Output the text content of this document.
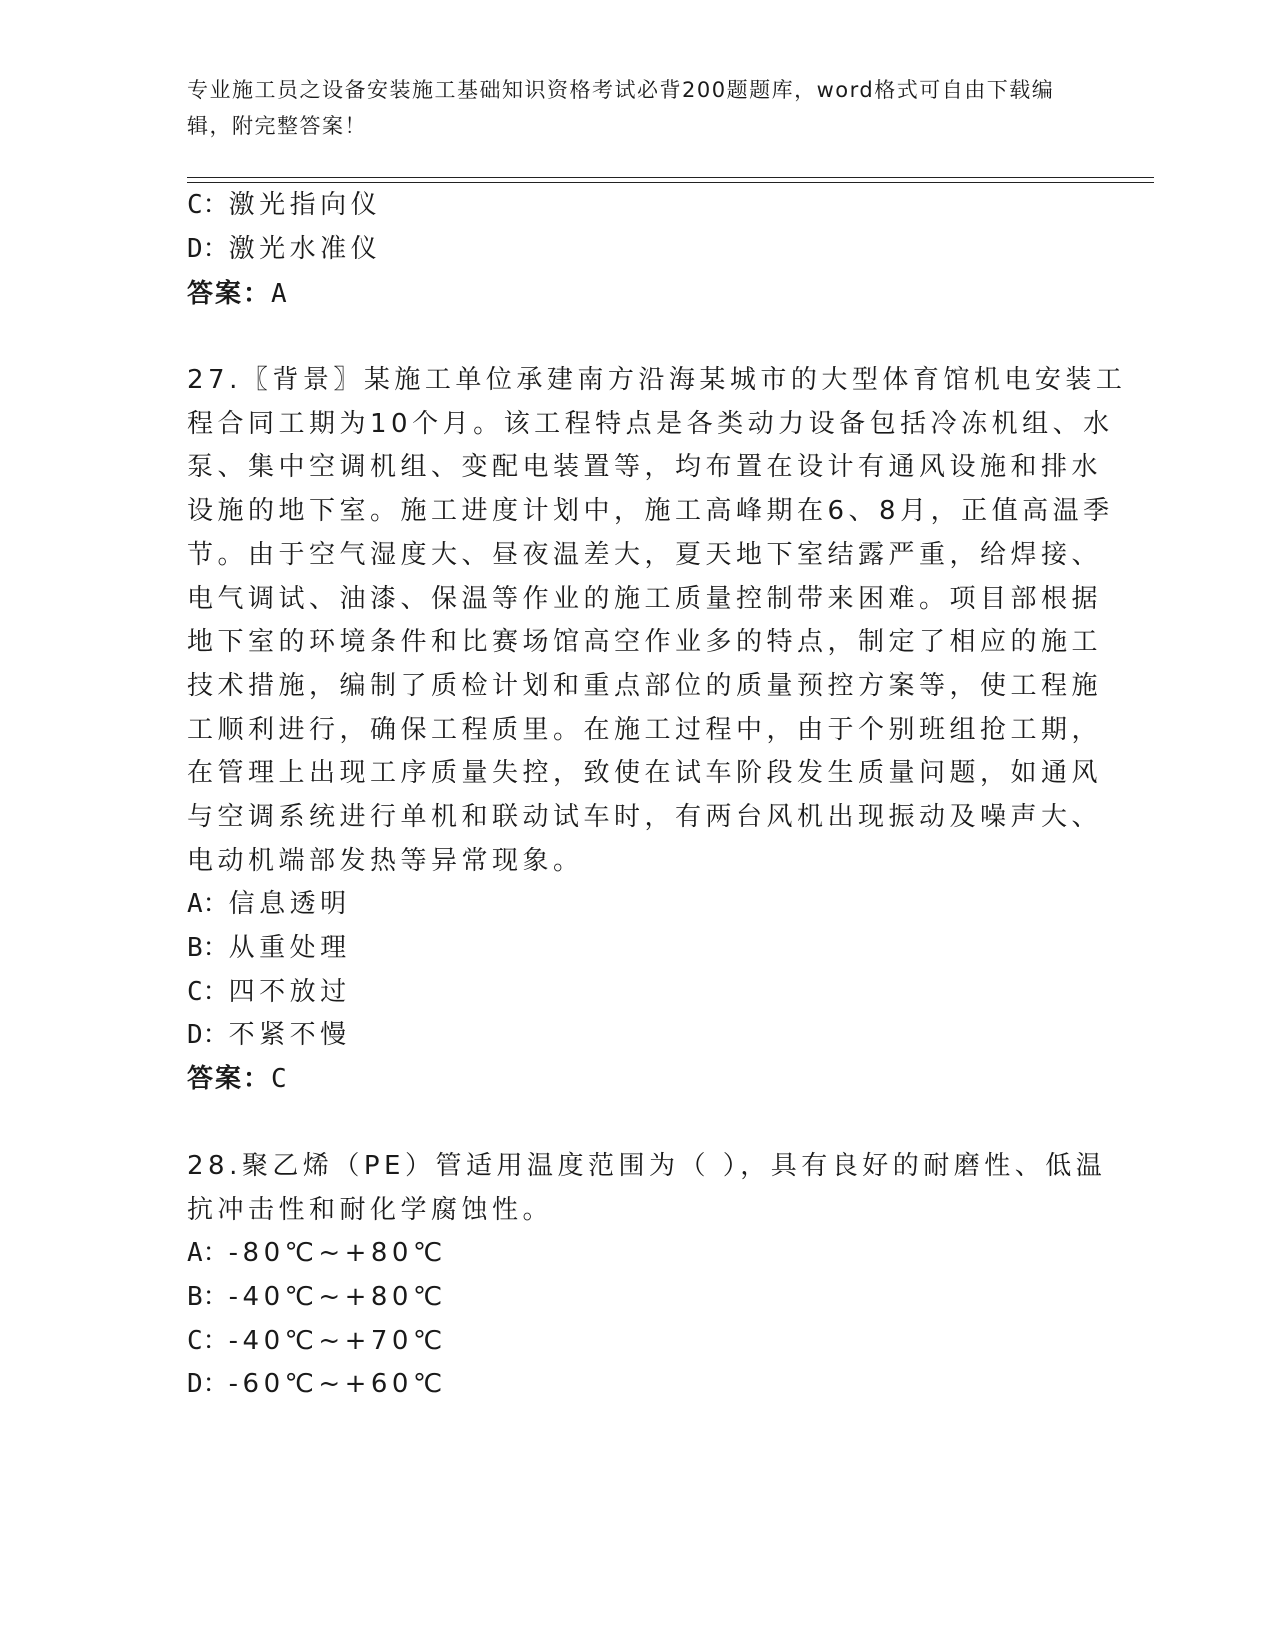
专业施工员之设备安装施工基础知识资格考试必背200题题库，word格式可自由下载编辑，附完整答案！
C：激光指向仪
D：激光水准仪
答案：A
27.〖背景〗某施工单位承建南方沿海某城市的大型体育馆机电安装工
程合同工期为10个月。该工程特点是各类动力设备包括冷冻机组、水
泵、集中空调机组、变配电装置等，均布置在设计有通风设施和排水
设施的地下室。施工进度计划中，施工高峰期在6、8月，正值高温季
节。由于空气湿度大、昼夜温差大，夏天地下室结露严重，给焊接、
电气调试、油漆、保温等作业的施工质量控制带来困难。项目部根据
地下室的环境条件和比赛场馆高空作业多的特点，制定了相应的施工
技术措施，编制了质检计划和重点部位的质量预控方案等，使工程施
工顺利进行，确保工程质里。在施工过程中，由于个别班组抢工期，
在管理上出现工序质量失控，致使在试车阶段发生质量问题，如通风
与空调系统进行单机和联动试车时，有两台风机出现振动及噪声大、
电动机端部发热等异常现象。
A：信息透明
B：从重处理
C：四不放过
D：不紧不慢
答案：C
28.聚乙烯（PE）管适用温度范围为（ ），具有良好的耐磨性、低温
抗冲击性和耐化学腐蚀性。
A：-80℃~+80℃
B：-40℃~+80℃
C：-40℃~+70℃
D：-60℃~+60℃
